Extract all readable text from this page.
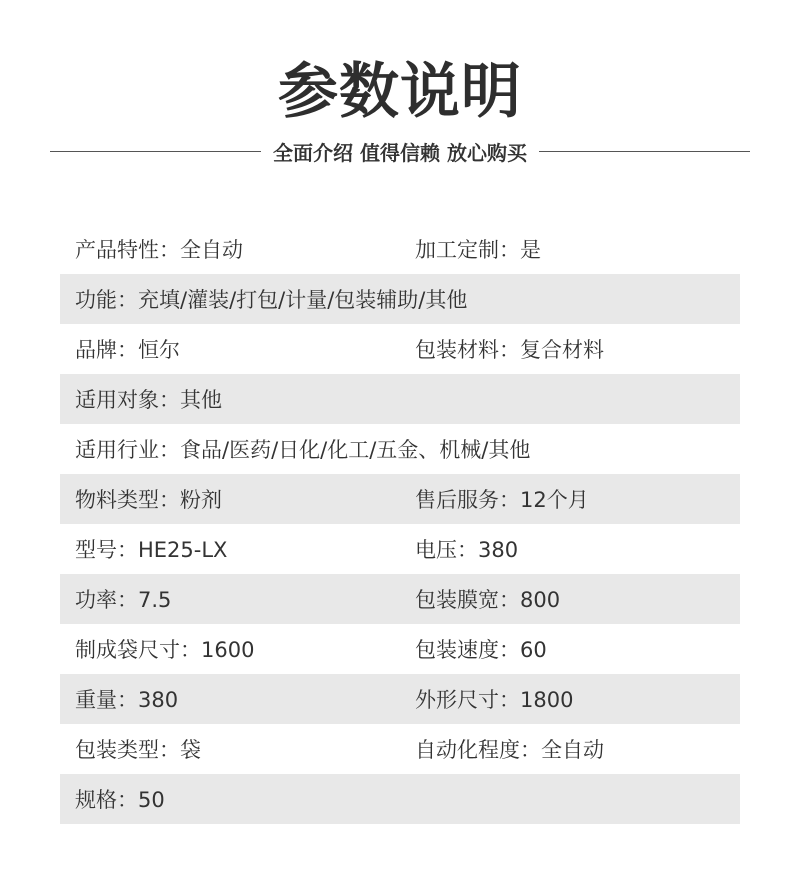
参数说明
全面介绍 值得信赖 放心购买
产品特性：全自动	加工定制：是
功能：充填/灌装/打包/计量/包装辅助/其他
品牌：恒尔	包装材料：复合材料
适用对象：其他
适用行业：食品/医药/日化/化工/五金、机械/其他
物料类型：粉剂	售后服务：12个月
型号：HE25-LX	电压：380
功率：7.5	包装膜宽：800
制成袋尺寸：1600	包装速度：60
重量：380	外形尺寸：1800
包装类型：袋	自动化程度：全自动
规格：50
